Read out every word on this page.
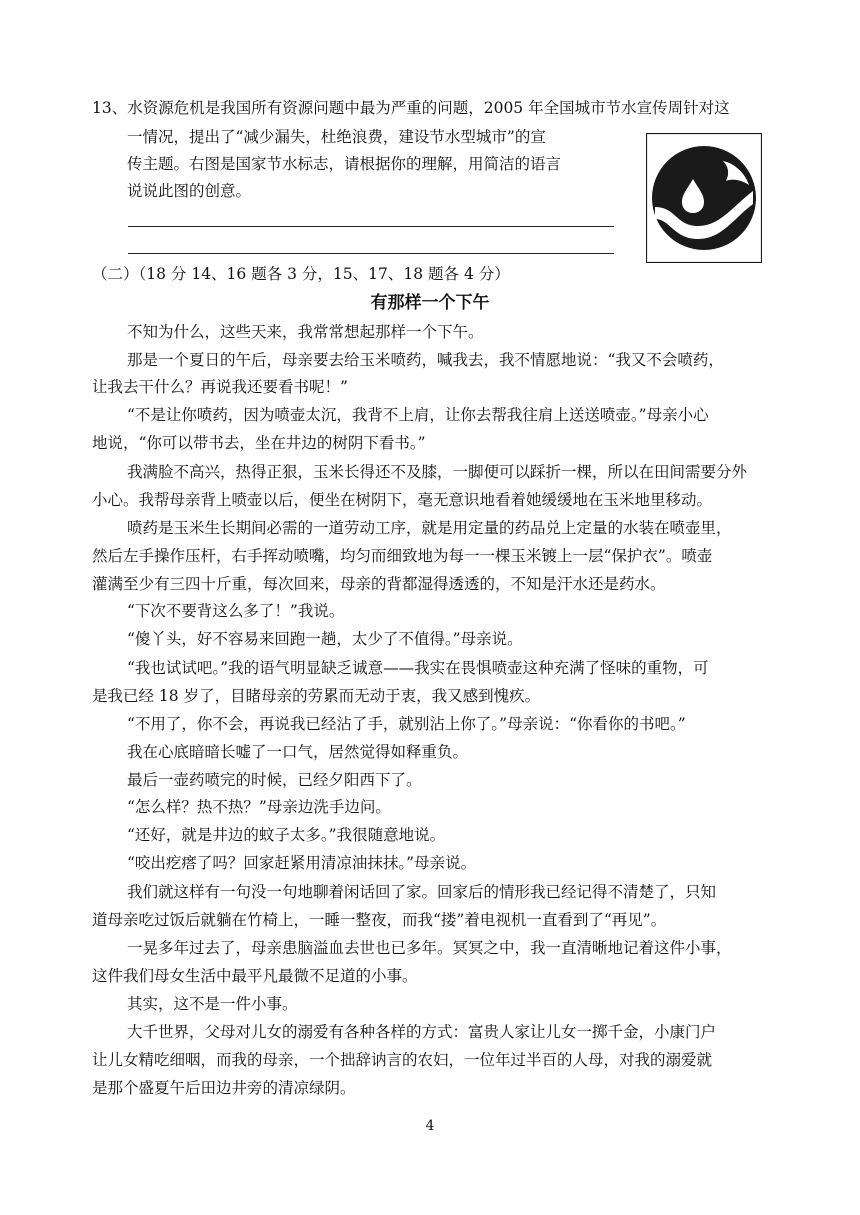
13、水资源危机是我国所有资源问题中最为严重的问题，2005 年全国城市节水宣传周针对这
一情况，提出了“减少漏失，杜绝浪费，建设节水型城市”的宣
传主题。右图是国家节水标志，请根据你的理解，用简洁的语言
说说此图的创意。
（二）（18 分 14、16 题各 3 分，15、17、18 题各 4 分）
有那样一个下午
不知为什么，这些天来，我常常想起那样一个下午。
那是一个夏日的午后，母亲要去给玉米喷药，喊我去，我不情愿地说：“我又不会喷药，
让我去干什么？再说我还要看书呢！”
“不是让你喷药，因为喷壶太沉，我背不上肩，让你去帮我往肩上送送喷壶。”母亲小心
地说，“你可以带书去，坐在井边的树阴下看书。”
我满脸不高兴，热得正狠，玉米长得还不及膝，一脚便可以踩折一棵，所以在田间需要分外
小心。我帮母亲背上喷壶以后，便坐在树阴下，毫无意识地看着她缓缓地在玉米地里移动。
喷药是玉米生长期间必需的一道劳动工序，就是用定量的药品兑上定量的水装在喷壶里，
然后左手操作压杆，右手挥动喷嘴，均匀而细致地为每一一棵玉米镀上一层“保护衣”。喷壶
灌满至少有三四十斤重，每次回来，母亲的背都湿得透透的，不知是汗水还是药水。
“下次不要背这么多了！”我说。
“傻丫头，好不容易来回跑一趟，太少了不值得。”母亲说。
“我也试试吧。”我的语气明显缺乏诚意——我实在畏惧喷壶这种充满了怪味的重物，可
是我已经 18 岁了，目睹母亲的劳累而无动于衷，我又感到愧疚。
“不用了，你不会，再说我已经沾了手，就别沾上你了。”母亲说：“你看你的书吧。”
我在心底暗暗长嘘了一口气，居然觉得如释重负。
最后一壶药喷完的时候，已经夕阳西下了。
“怎么样？热不热？”母亲边洗手边问。
“还好，就是井边的蚊子太多。”我很随意地说。
“咬出疙瘩了吗？回家赶紧用清凉油抹抹。”母亲说。
我们就这样有一句没一句地聊着闲话回了家。回家后的情形我已经记得不清楚了，只知
道母亲吃过饭后就躺在竹椅上，一睡一整夜，而我“搂”着电视机一直看到了“再见”。
一晃多年过去了，母亲患脑溢血去世也已多年。冥冥之中，我一直清晰地记着这件小事，
这件我们母女生活中最平凡最微不足道的小事。
其实，这不是一件小事。
大千世界，父母对儿女的溺爱有各种各样的方式：富贵人家让儿女一掷千金，小康门户
让儿女精吃细咽，而我的母亲，一个拙辞讷言的农妇，一位年过半百的人母，对我的溺爱就
是那个盛夏午后田边井旁的清凉绿阴。
4
